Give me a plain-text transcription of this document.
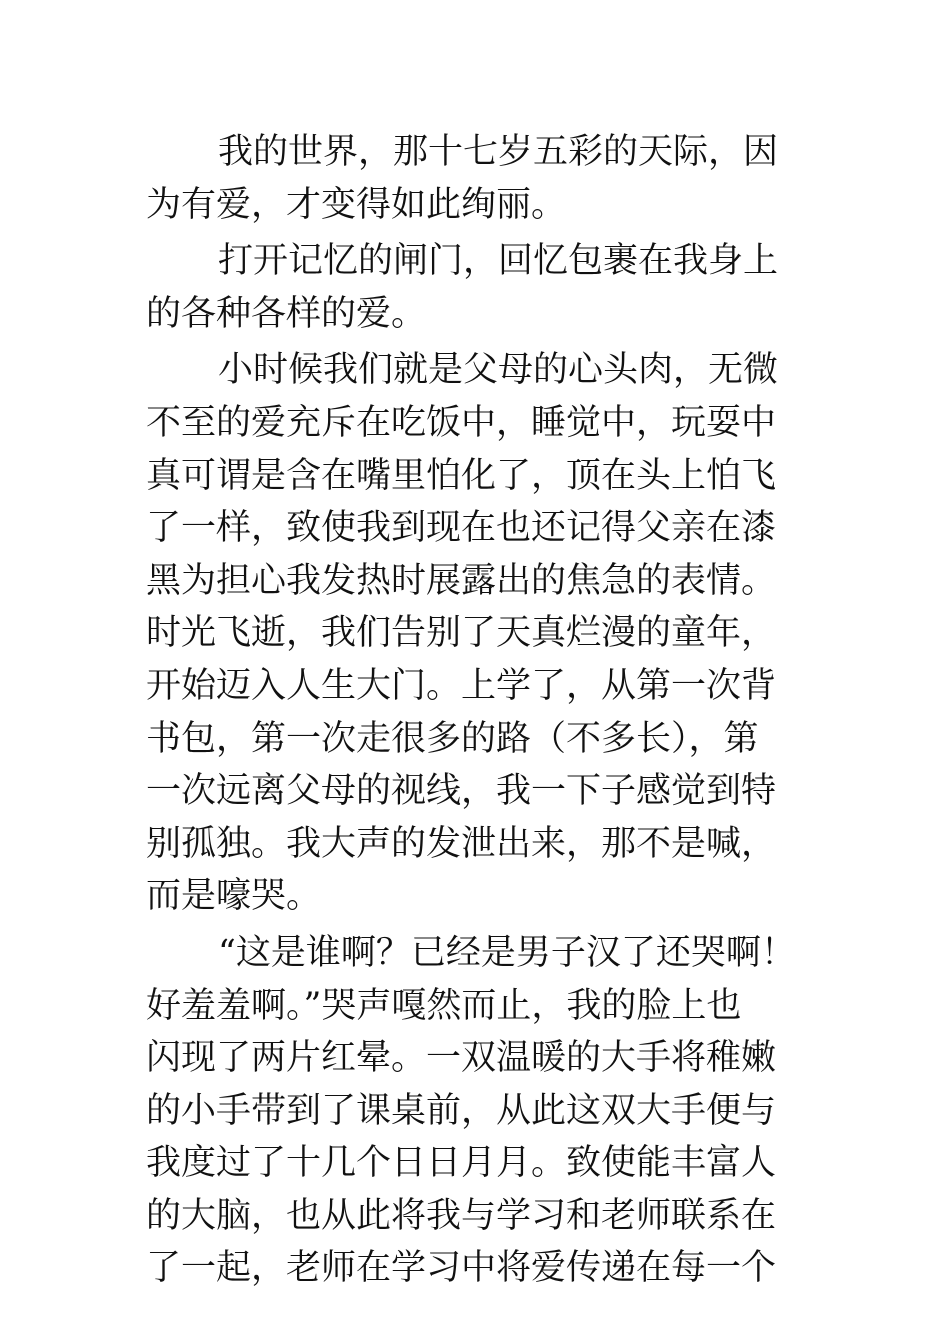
我的世界，那十七岁五彩的天际，因
为有爱，才变得如此绚丽。
打开记忆的闸门，回忆包裹在我身上
的各种各样的爱。
小时候我们就是父母的心头肉，无微
不至的爱充斥在吃饭中，睡觉中，玩耍中
真可谓是含在嘴里怕化了，顶在头上怕飞
了一样，致使我到现在也还记得父亲在漆
黑为担心我发热时展露出的焦急的表情。
时光飞逝，我们告别了天真烂漫的童年，
开始迈入人生大门。上学了，从第一次背
书包，第一次走很多的路（不多长），第
一次远离父母的视线，我一下子感觉到特
别孤独。我大声的发泄出来，那不是喊，
而是嚎哭。
“这是谁啊？已经是男子汉了还哭啊！
好羞羞啊。”哭声嘎然而止，我的脸上也
闪现了两片红晕。一双温暖的大手将稚嫩
的小手带到了课桌前，从此这双大手便与
我度过了十几个日日月月。致使能丰富人
的大脑，也从此将我与学习和老师联系在
了一起，老师在学习中将爱传递在每一个
